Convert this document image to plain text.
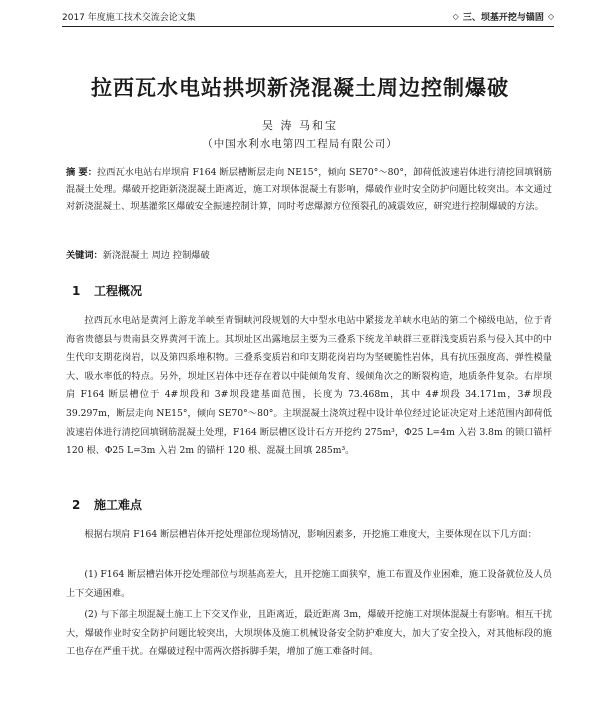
2017 年度施工技术交流会论文集	◇ 三、坝基开挖与锚固 ◇
拉西瓦水电站拱坝新浇混凝土周边控制爆破
吴 涛 马和宝
（中国水利水电第四工程局有限公司）
摘 要：拉西瓦水电站右岸坝肩 F164 断层槽断层走向 NE15°，倾向 SE70°～80°，卸荷低波速岩体进行清挖回填钢筋混凝土处理。爆破开挖距新浇混凝土距离近，施工对坝体混凝土有影响，爆破作业时安全防护问题比较突出。本文通过对新浇混凝土、坝基灌浆区爆破安全振速控制计算，同时考虑爆源方位预裂孔的减震效应，研究进行控制爆破的方法。
关键词：新浇混凝土 周边 控制爆破
1 工程概况
拉西瓦水电站是黄河上游龙羊峡至青铜峡河段规划的大中型水电站中紧接龙羊峡水电站的第二个梯级电站，位于青海省贵德县与贵南县交界黄河干流上。其坝址区出露地层主要为三叠系下统龙羊峡群三亚群浅变质岩系与侵入其中的中生代印支期花岗岩，以及第四系堆积物。三叠系变质岩和印支期花岗岩均为坚硬脆性岩体，具有抗压强度高、弹性模量大、吸水率低的特点。另外，坝址区岩体中还存在着以中陡倾角发育、缓倾角次之的断裂构造，地质条件复杂。右岸坝肩 F164 断层槽位于 4#坝段和 3#坝段建基面范围，长度为 73.468m，其中 4#坝段 34.171m，3#坝段 39.297m，断层走向 NE15°，倾向 SE70°～80°。主坝混凝土浇筑过程中设计单位经过论证决定对上述范围内卸荷低波速岩体进行清挖回填钢筋混凝土处理，F164 断层槽区设计石方开挖约 275m³，Φ25 L=4m 入岩 3.8m 的锁口锚杆 120 根、Φ25 L=3m 入岩 2m 的锚杆 120 根、混凝土回填 285m³。
2 施工难点
根据右坝肩 F164 断层槽岩体开挖处理部位现场情况，影响因素多，开挖施工难度大，主要体现在以下几方面：
(1) F164 断层槽岩体开挖处理部位与坝基高差大，且开挖施工面狭窄，施工布置及作业困难，施工设备就位及人员上下交通困难。
(2) 与下部主坝混凝土施工上下交叉作业，且距离近，最近距离 3m，爆破开挖施工对坝体混凝土有影响。相互干扰大，爆破作业时安全防护问题比较突出，大坝坝体及施工机械设备安全防护难度大，加大了安全投入，对其他标段的施工也存在严重干扰。在爆破过程中需两次搭拆脚手架，增加了施工难备时间。
